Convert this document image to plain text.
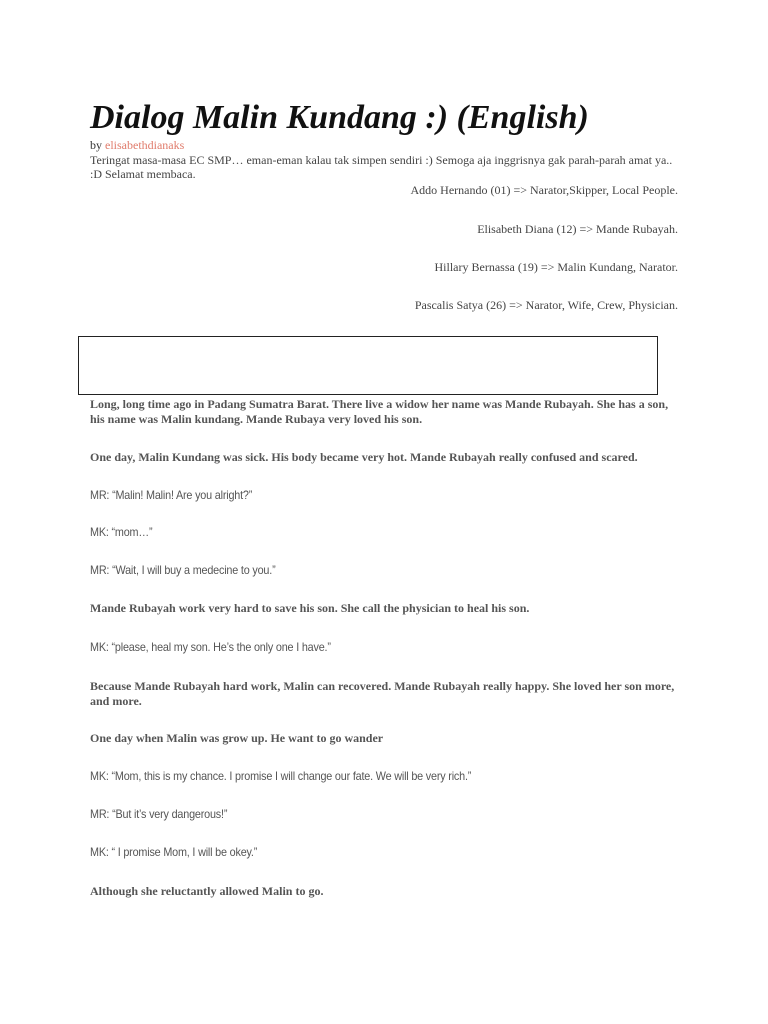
Dialog Malin Kundang :) (English)
by elisabethdianaks
Teringat masa-masa EC SMP… eman-eman kalau tak simpen sendiri :) Semoga aja inggrisnya gak parah-parah amat ya.. :D Selamat membaca.
Addo Hernando (01) => Narator,Skipper, Local People.
Elisabeth Diana (12) => Mande Rubayah.
Hillary Bernassa (19) => Malin Kundang, Narator.
Pascalis Satya (26) => Narator, Wife, Crew, Physician.
Long, long time ago in Padang Sumatra Barat. There live a widow her name was Mande Rubayah. She has a son, his name was Malin kundang. Mande Rubaya very loved his son.
One day, Malin Kundang was sick. His body became very hot. Mande Rubayah really confused and scared.
MR: “Malin! Malin! Are you alright?”
MK: “mom…”
MR: “Wait, I will buy a medecine to you.”
Mande Rubayah work very hard to save his son. She call the physician to heal his son.
MK: “please, heal my son. He’s the only one I have.”
Because Mande Rubayah hard work, Malin can recovered. Mande Rubayah really happy. She loved her son more, and more.
One day when Malin was grow up. He want to go wander
MK: “Mom, this is my chance. I promise I will change our fate. We will be very rich.”
MR: “But it’s very dangerous!”
MK: “ I promise Mom, I will be okey.”
Although she reluctantly allowed Malin to go.
